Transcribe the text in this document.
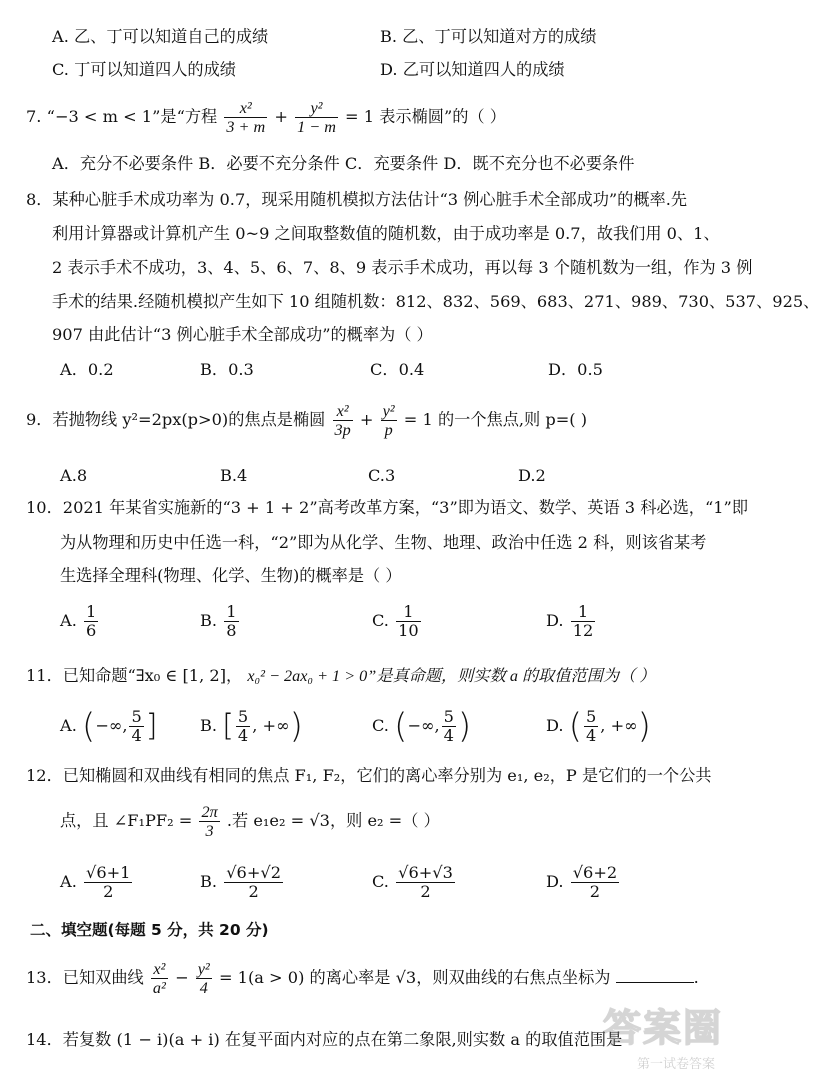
A. 乙、丁可以知道自己的成绩	B. 乙、丁可以知道对方的成绩
C. 丁可以知道四人的成绩	D. 乙可以知道四人的成绩
7. “−3 < m < 1”是“方程 $\frac{\text{x²}}{3 + m} + \frac{\text{y²}}{1 - m} = 1$ 表示椭圆”的（ ）
A．充分不必要条件 B．必要不充分条件 C．充要条件 D．既不充分也不必要条件
8．某种心脏手术成功率为 0.7，现采用随机模拟方法估计“3 例心脏手术全部成功”的概率.先
利用计算器或计算机产生 0~9 之间取整数值的随机数，由于成功率是 0.7，故我们用 0、1、
2 表示手术不成功，3、4、5、6、7、8、9 表示手术成功，再以每 3 个随机数为一组，作为 3 例
手术的结果.经随机模拟产生如下 10 组随机数：812、832、569、683、271、989、730、537、925、
907 由此估计“3 例心脏手术全部成功”的概率为（ ）
A．0.2	B．0.3	C．0.4	D．0.5
9．若抛物线 y²=2px(p>0)的焦点是椭圆 $\frac{\text{x²}}{3p} + \frac{\text{y²}}{p} = 1$ 的一个焦点,则 p=( )
A.8	B.4	C.3	D.2
10．2021 年某省实施新的“3 + 1 + 2”高考改革方案，“3”即为语文、数学、英语 3 科必选，“1”即
为从物理和历史中任选一科，“2”即为从化学、生物、地理、政治中任选 2 科，则该省某考
生选择全理科(物理、化学、生物)的概率是（ ）
A. $\frac{1}{6}$	B. $\frac{1}{8}$	C. $\frac{1}{10}$	D. $\frac{1}{12}$
11．已知命题“∃x₀ ∈ [1, 2]， x₀² − 2ax₀ + 1 > 0”是真命题，则实数 a 的取值范围为（ ）
A. (−∞, $\frac{5}{4}$ ]	B. [ $\frac{5}{4}$ , +∞)	C. (−∞, $\frac{5}{4}$ )	D. ( $\frac{5}{4}$ , +∞)
12．已知椭圆和双曲线有相同的焦点 F₁, F₂，它们的离心率分别为 e₁, e₂，P 是它们的一个公共
点，且 ∠F₁PF₂ = $\frac{2\pi}{3}$ .若 e₁e₂ = √3，则 e₂ =（ ）
A. $\frac{√6+1}{2}$	B. $\frac{√6+√2}{2}$	C. $\frac{√6+√3}{2}$	D. $\frac{√6+2}{2}$
二、填空题(每题 5 分，共 20 分)
13．已知双曲线 $\frac{\text{x²}}{\text{a²}} - \frac{\text{y²}}{4} = 1(a > 0)$ 的离心率是 √3，则双曲线的右焦点坐标为	.
14．若复数 (1 − i)(a + i) 在复平面内对应的点在第二象限,则实数 a 的取值范围是
答案圈
第一试卷答案
